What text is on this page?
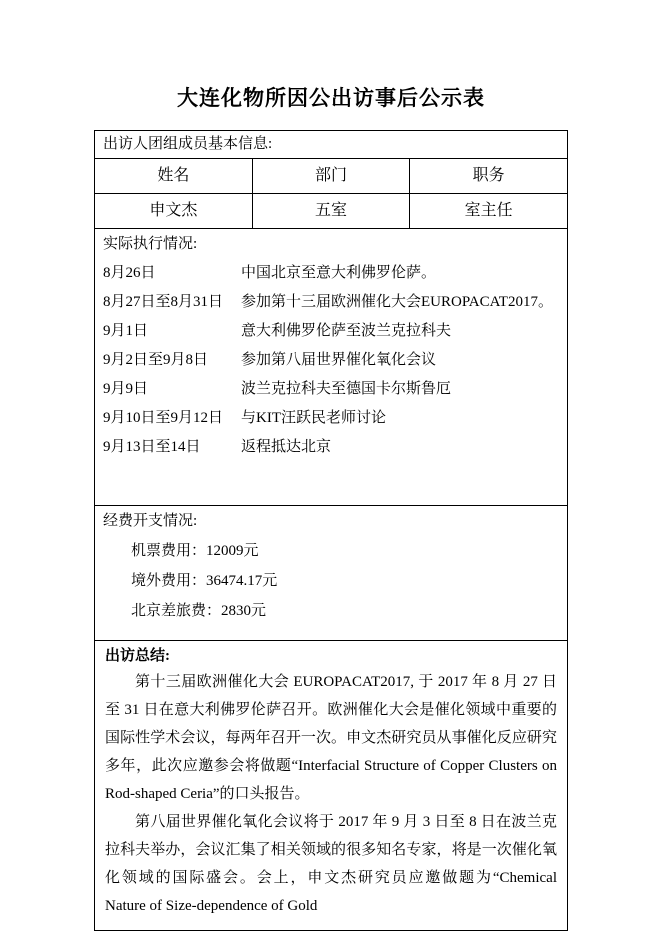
大连化物所因公出访事后公示表
出访人团组成员基本信息:
姓名	部门	职务
申文杰	五室	室主任
实际执行情况:
8月26日	中国北京至意大利佛罗伦萨。
8月27日至8月31日	参加第十三届欧洲催化大会EUROPACAT2017。
9月1日	意大利佛罗伦萨至波兰克拉科夫
9月2日至9月8日	参加第八届世界催化氧化会议
9月9日	波兰克拉科夫至德国卡尔斯鲁厄
9月10日至9月12日	与KIT汪跃民老师讨论
9月13日至14日	返程抵达北京
经费开支情况:
机票费用：12009元
境外费用：36474.17元
北京差旅费：2830元
出访总结:

第十三届欧洲催化大会 EUROPACAT2017, 于 2017 年 8 月 27 日至 31 日在意大利佛罗伦萨召开。欧洲催化大会是催化领域中重要的国际性学术会议，每两年召开一次。申文杰研究员从事催化反应研究多年，此次应邀参会将做题“Interfacial Structure of Copper Clusters on Rod-shaped Ceria”的口头报告。

第八届世界催化氧化会议将于 2017 年 9 月 3 日至 8 日在波兰克拉科夫举办，会议汇集了相关领域的很多知名专家，将是一次催化氧化领域的国际盛会。会上，申文杰研究员应邀做题为“Chemical Nature of Size-dependence of Gold
